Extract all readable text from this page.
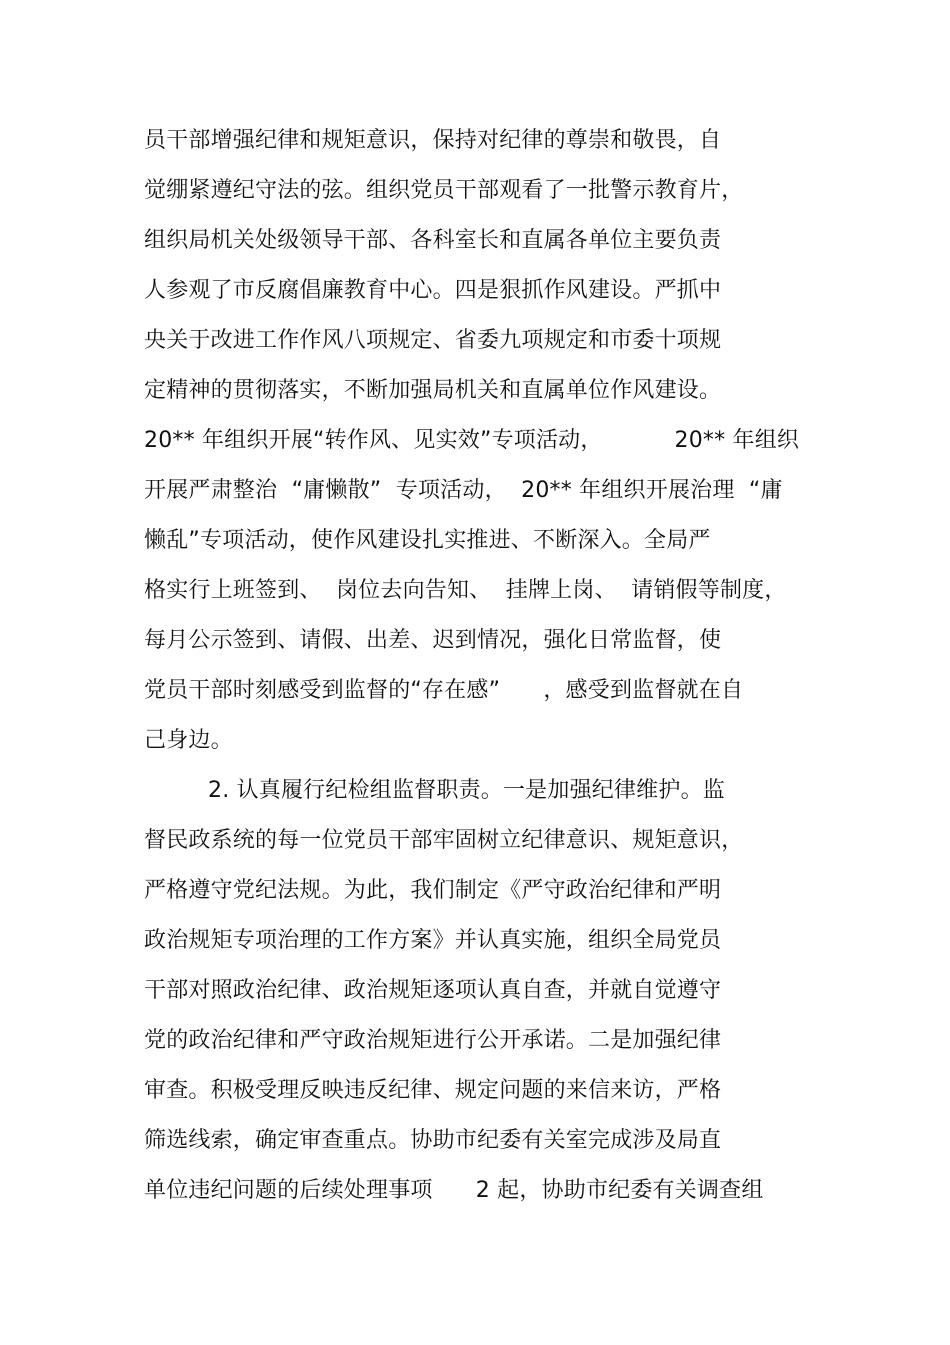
员干部增强纪律和规矩意识，保持对纪律的尊崇和敬畏，自
觉绷紧遵纪守法的弦。组织党员干部观看了一批警示教育片，
组织局机关处级领导干部、各科室长和直属各单位主要负责
人参观了市反腐倡廉教育中心。四是狠抓作风建设。严抓中
央关于改进工作作风八项规定、省委九项规定和市委十项规
定精神的贯彻落实，不断加强局机关和直属单位作风建设。
20** 年组织开展“转作风、见实效”专项活动，          20** 年组织
开展严肃整治  “庸懒散”  专项活动，  20** 年组织开展治理  “庸
懒乱”专项活动，使作风建设扎实推进、不断深入。全局严
格实行上班签到、  岗位去向告知、  挂牌上岗、  请销假等制度，
每月公示签到、请假、出差、迟到情况，强化日常监督，使
党员干部时刻感受到监督的“存在感”      ，感受到监督就在自
己身边。
2. 认真履行纪检组监督职责。一是加强纪律维护。监
督民政系统的每一位党员干部牢固树立纪律意识、规矩意识，
严格遵守党纪法规。为此，我们制定《严守政治纪律和严明
政治规矩专项治理的工作方案》并认真实施，组织全局党员
干部对照政治纪律、政治规矩逐项认真自查，并就自觉遵守
党的政治纪律和严守政治规矩进行公开承诺。二是加强纪律
审查。积极受理反映违反纪律、规定问题的来信来访，严格
筛选线索，确定审查重点。协助市纪委有关室完成涉及局直
单位违纪问题的后续处理事项      2 起，协助市纪委有关调查组
